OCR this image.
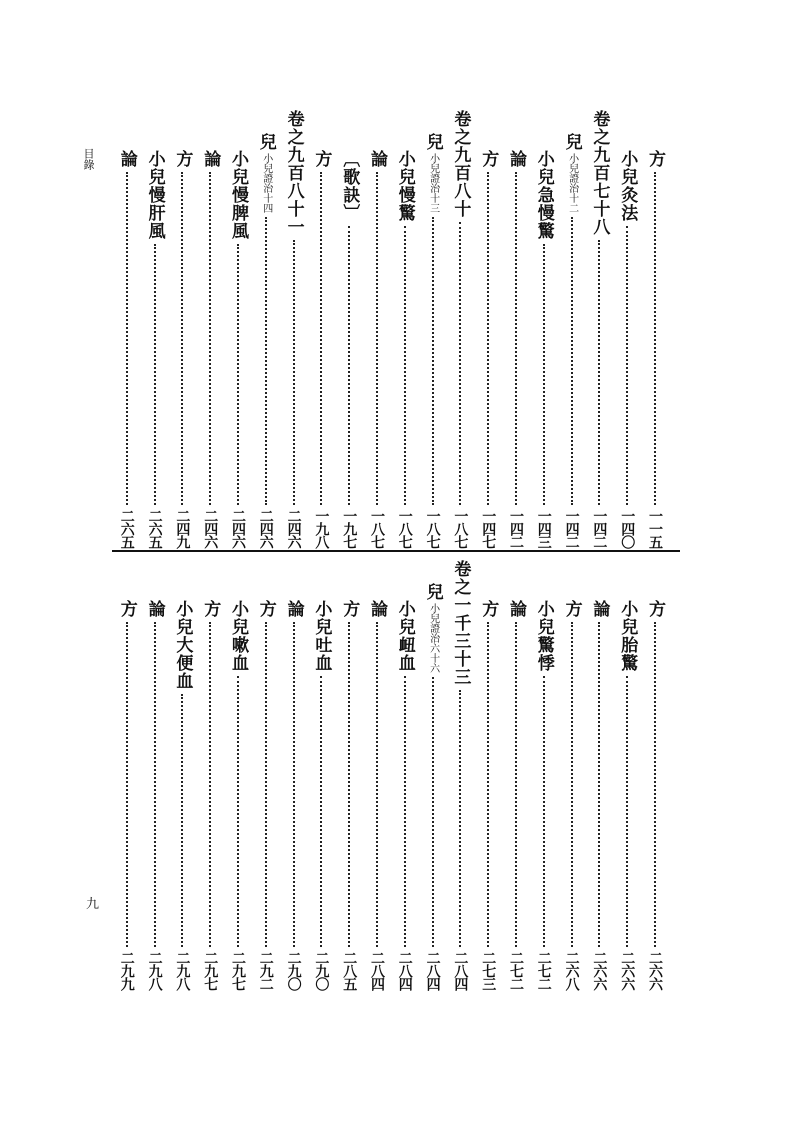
目錄
九
方
一一五
小兒灸法
一四〇
卷之九百七十八
一四二
兒
小兒證治十二
一四二
小兒急慢驚
一四三
論
一四二
方
一四七
卷之九百八十
一八七
兒
小兒證治十三
一八七
小兒慢驚
一八七
論
一八七
〔歌訣〕
一九七
方
一九八
卷之九百八十一
二四六
兒
小兒證治十四
二四六
小兒慢脾風
二四六
論
二四六
方
二四九
小兒慢肝風
二六五
論
二六五
方
二六六
小兒胎驚
二六六
論
二六六
方
二六八
小兒驚悸
二七二
論
二七二
方
二七三
卷之一千三十三
二八四
兒
小兒證治六十六
二八四
小兒衄血
二八四
論
二八四
方
二八五
小兒吐血
二九〇
論
二九〇
方
二九二
小兒嗽血
二九七
方
二九七
小兒大便血
二九八
論
二九八
方
二九九
